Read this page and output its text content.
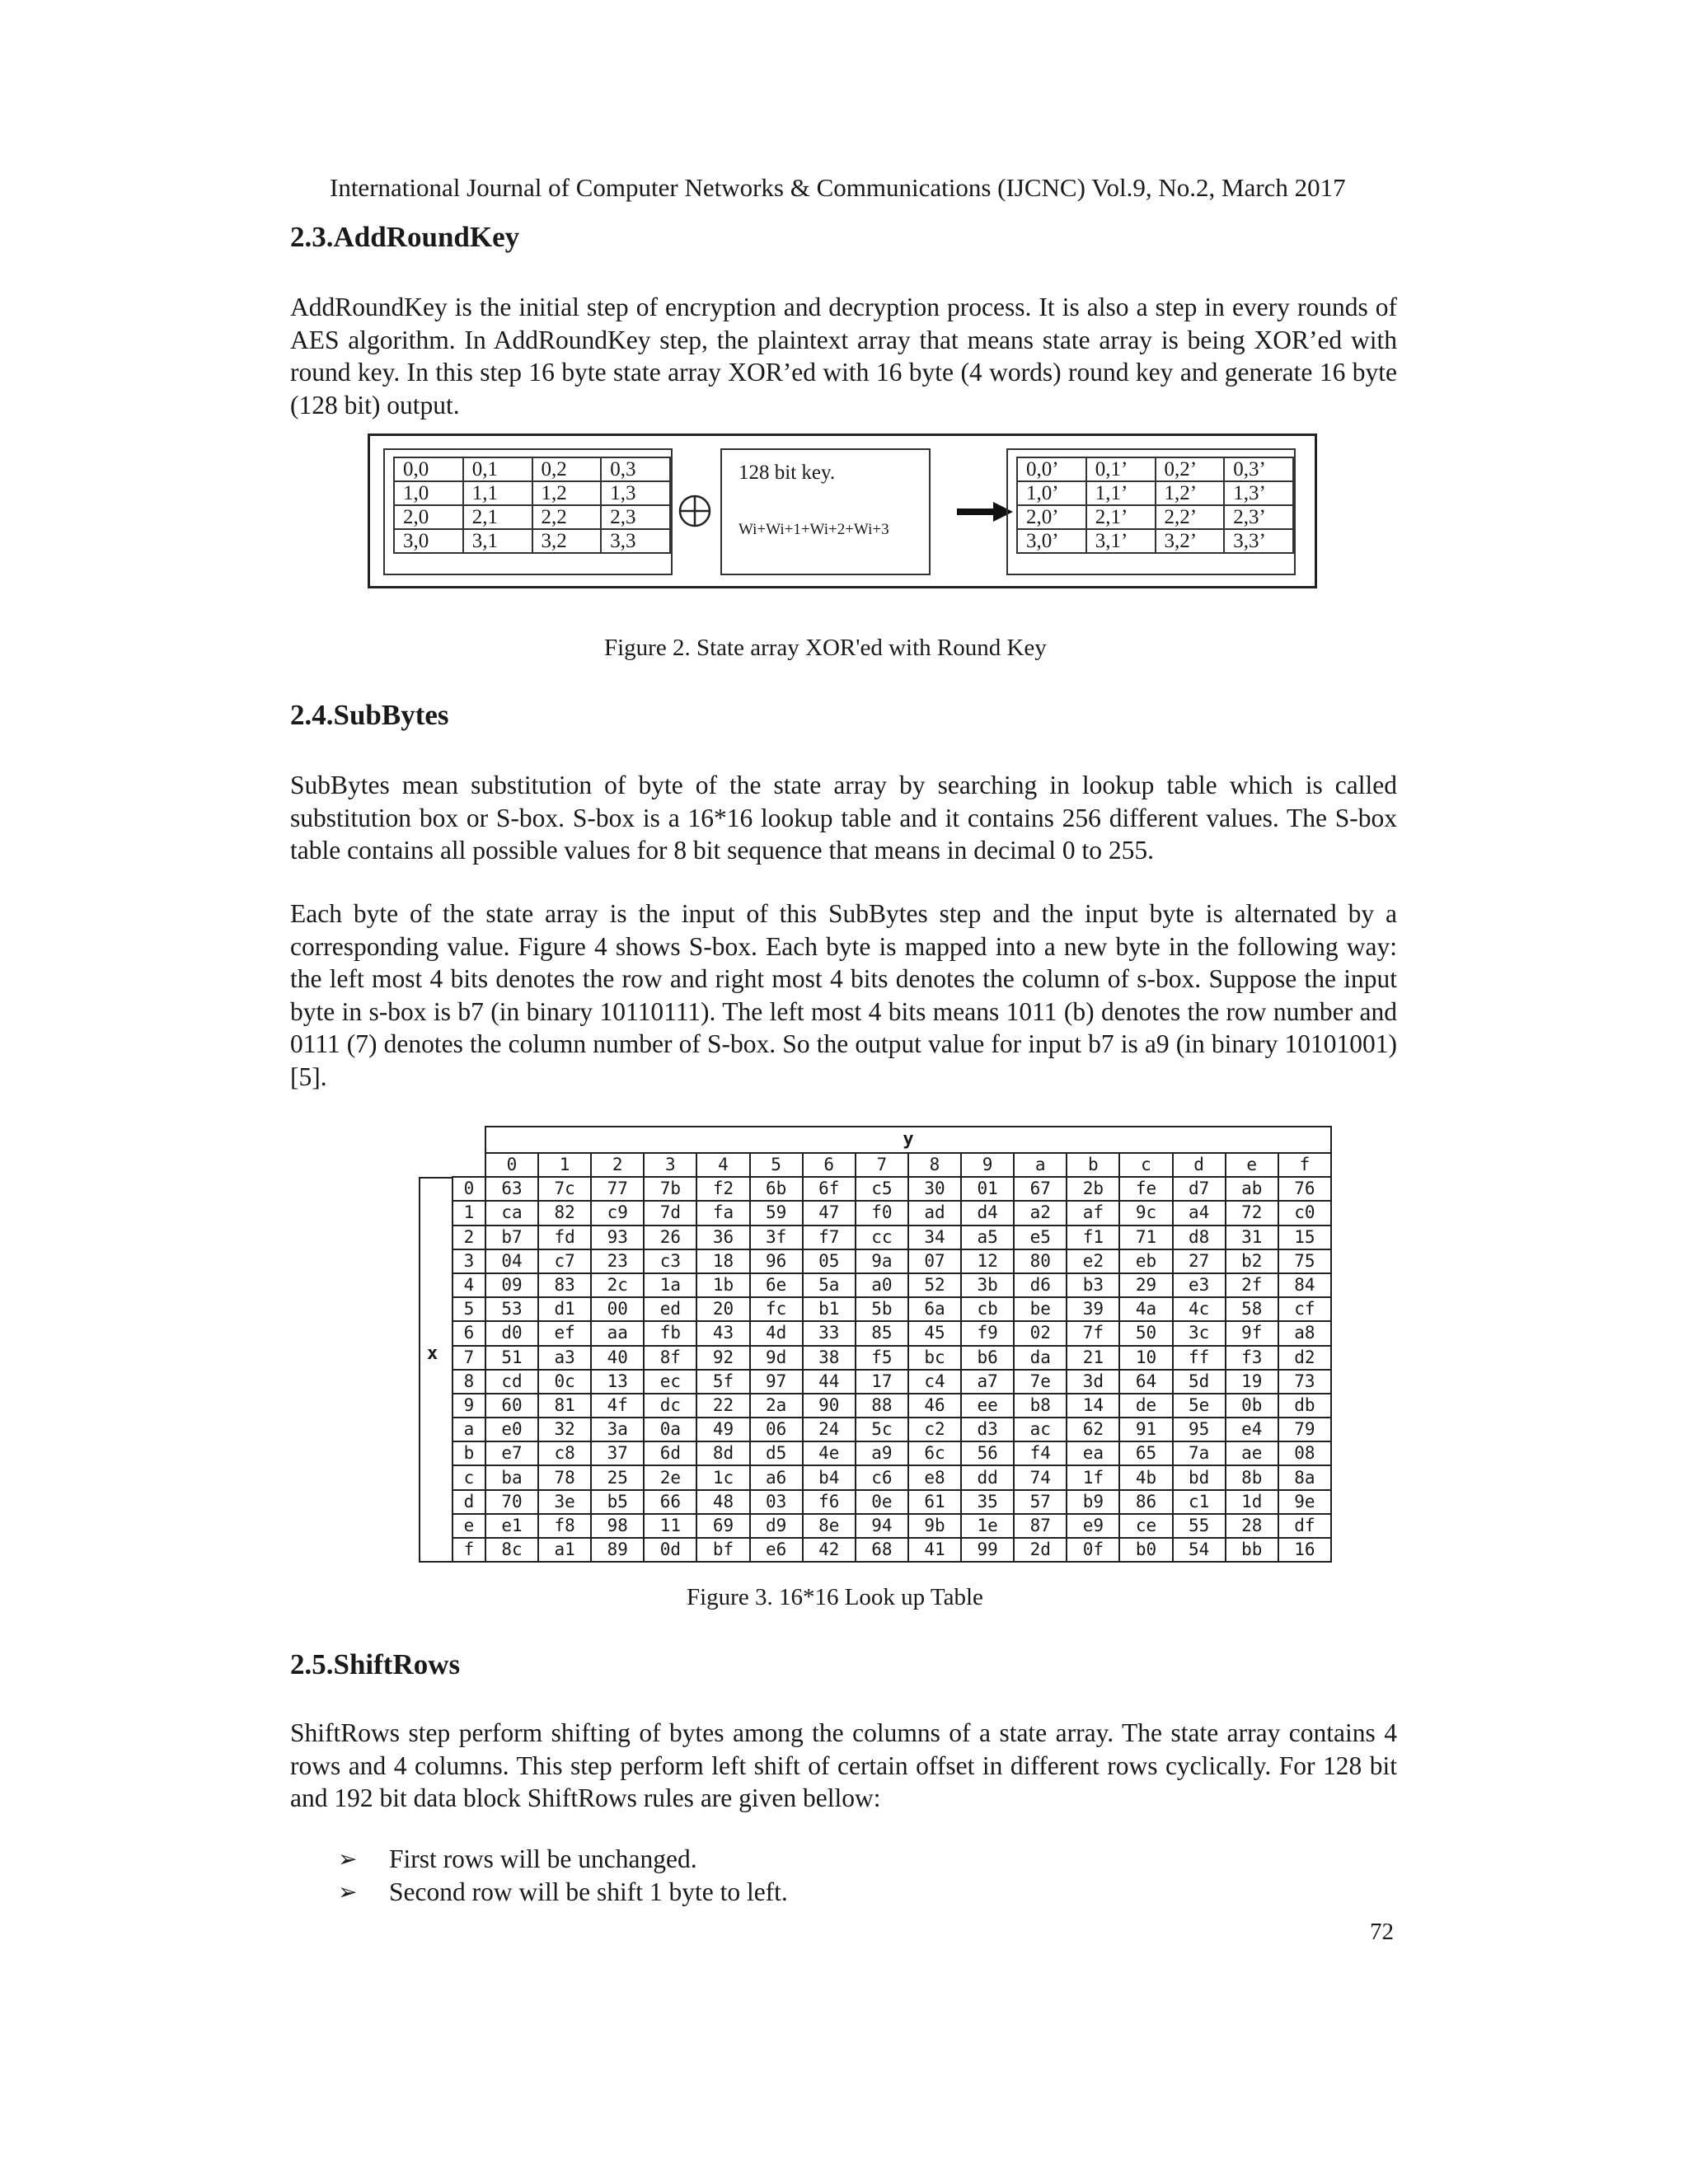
International Journal of Computer Networks & Communications (IJCNC) Vol.9, No.2, March 2017
2.3.AddRoundKey

AddRoundKey is the initial step of encryption and decryption process. It is also a step in every rounds of AES algorithm. In AddRoundKey step, the plaintext array that means state array is being XOR’ed with round key. In this step 16 byte state array XOR’ed with 16 byte (4 words) round key and generate 16 byte (128 bit) output.

0,0	0,1	0,2	0,3
1,0	1,1	1,2	1,3
2,0	2,1	2,2	2,3
3,0	3,1	3,2	3,3
128 bit key.
Wi+Wi+1+Wi+2+Wi+3
0,0’	0,1’	0,2’	0,3’
1,0’	1,1’	1,2’	1,3’
2,0’	2,1’	2,2’	2,3’
3,0’	3,1’	3,2’	3,3’
Figure 2. State array XOR'ed with Round Key
2.4.SubBytes

SubBytes mean substitution of byte of the state array by searching in lookup table which is called substitution box or S-box. S-box is a 16*16 lookup table and it contains 256 different values. The S-box table contains all possible values for 8 bit sequence that means in decimal 0 to 255.

Each byte of the state array is the input of this SubBytes step and the input byte is alternated by a corresponding value. Figure 4 shows S-box. Each byte is mapped into a new byte in the following way: the left most 4 bits denotes the row and right most 4 bits denotes the column of s-box. Suppose the input byte in s-box is b7 (in binary 10110111). The left most 4 bits means 1011 (b) denotes the row number and 0111 (7) denotes the column number of S-box. So the output value for input b7 is a9 (in binary 10101001)[5].

y
x
	0	1	2	3	4	5	6	7	8	9	a	b	c	d	e	f
0	63	7c	77	7b	f2	6b	6f	c5	30	01	67	2b	fe	d7	ab	76
1	ca	82	c9	7d	fa	59	47	f0	ad	d4	a2	af	9c	a4	72	c0
2	b7	fd	93	26	36	3f	f7	cc	34	a5	e5	f1	71	d8	31	15
3	04	c7	23	c3	18	96	05	9a	07	12	80	e2	eb	27	b2	75
4	09	83	2c	1a	1b	6e	5a	a0	52	3b	d6	b3	29	e3	2f	84
5	53	d1	00	ed	20	fc	b1	5b	6a	cb	be	39	4a	4c	58	cf
6	d0	ef	aa	fb	43	4d	33	85	45	f9	02	7f	50	3c	9f	a8
7	51	a3	40	8f	92	9d	38	f5	bc	b6	da	21	10	ff	f3	d2
8	cd	0c	13	ec	5f	97	44	17	c4	a7	7e	3d	64	5d	19	73
9	60	81	4f	dc	22	2a	90	88	46	ee	b8	14	de	5e	0b	db
a	e0	32	3a	0a	49	06	24	5c	c2	d3	ac	62	91	95	e4	79
b	e7	c8	37	6d	8d	d5	4e	a9	6c	56	f4	ea	65	7a	ae	08
c	ba	78	25	2e	1c	a6	b4	c6	e8	dd	74	1f	4b	bd	8b	8a
d	70	3e	b5	66	48	03	f6	0e	61	35	57	b9	86	c1	1d	9e
e	e1	f8	98	11	69	d9	8e	94	9b	1e	87	e9	ce	55	28	df
f	8c	a1	89	0d	bf	e6	42	68	41	99	2d	0f	b0	54	bb	16
Figure 3. 16*16 Look up Table
2.5.ShiftRows

ShiftRows step perform shifting of bytes among the columns of a state array. The state array contains 4 rows and 4 columns. This step perform left shift of certain offset in different rows cyclically. For 128 bit and 192 bit data block ShiftRows rules are given bellow:

➢	First rows will be unchanged.
➢	Second row will be shift 1 byte to left.
72
